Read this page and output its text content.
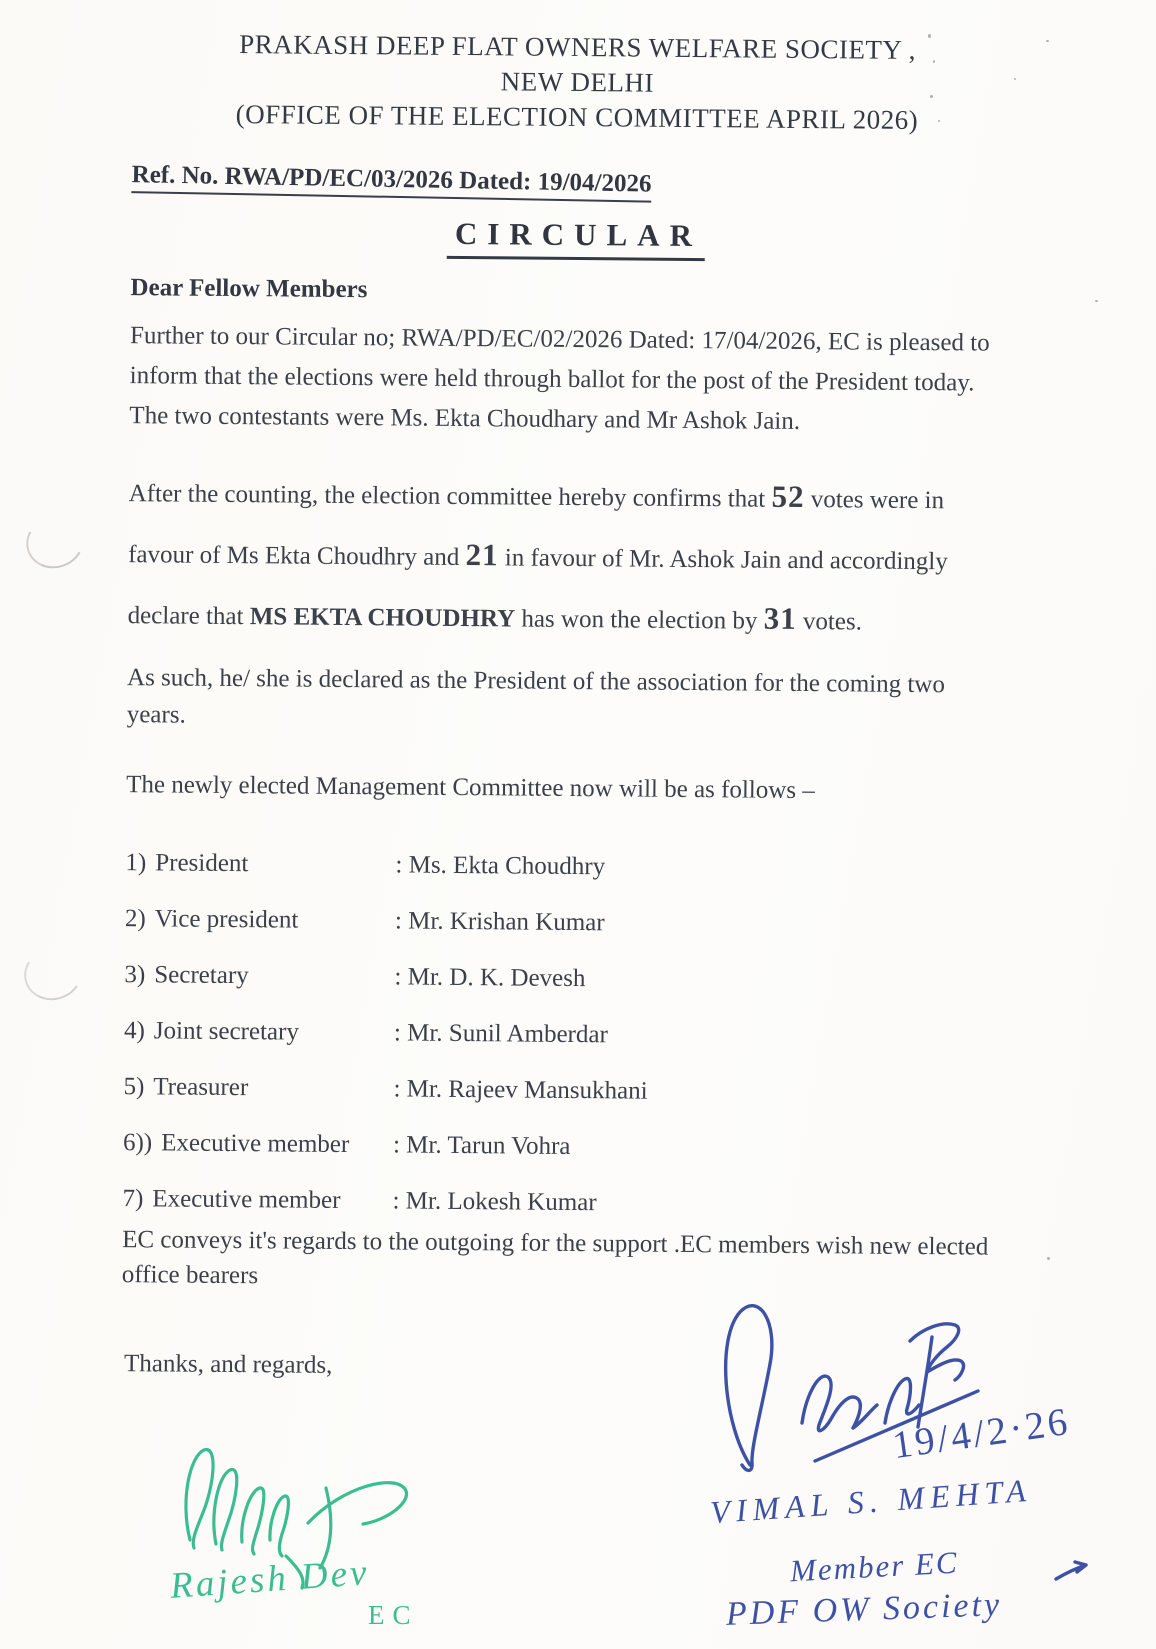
PRAKASH DEEP FLAT OWNERS WELFARE SOCIETY ,
NEW DELHI
(OFFICE OF THE ELECTION COMMITTEE APRIL 2026)
Ref. No. RWA/PD/EC/03/2026 Dated: 19/04/2026
CIRCULAR
Dear Fellow Members
Further to our Circular no; RWA/PD/EC/02/2026 Dated: 17/04/2026, EC is pleased to
inform that the elections were held through ballot for the post of the President today.
The two contestants were Ms. Ekta Choudhary and Mr Ashok Jain.
After the counting, the election committee hereby confirms that 52 votes were in
favour of Ms Ekta Choudhry and 21 in favour of Mr. Ashok Jain and accordingly
declare that MS EKTA CHOUDHRY has won the election by 31 votes.
As such, he/ she is declared as the President of the association for the coming two
years.
The newly elected Management Committee now will be as follows –
1) President	: Ms. Ekta Choudhry
2) Vice president	: Mr. Krishan Kumar
3) Secretary	: Mr. D. K. Devesh
4) Joint secretary	: Mr. Sunil Amberdar
5) Treasurer	: Mr. Rajeev Mansukhani
6)) Executive member	: Mr. Tarun Vohra
7) Executive member	: Mr. Lokesh Kumar
EC conveys it's regards to the outgoing for the support .EC members wish new elected
office bearers
Thanks, and regards,
19/4/2·26
VIMAL S. MEHTA
Member EC
PDF OW Society
Rajesh Dev
EC
